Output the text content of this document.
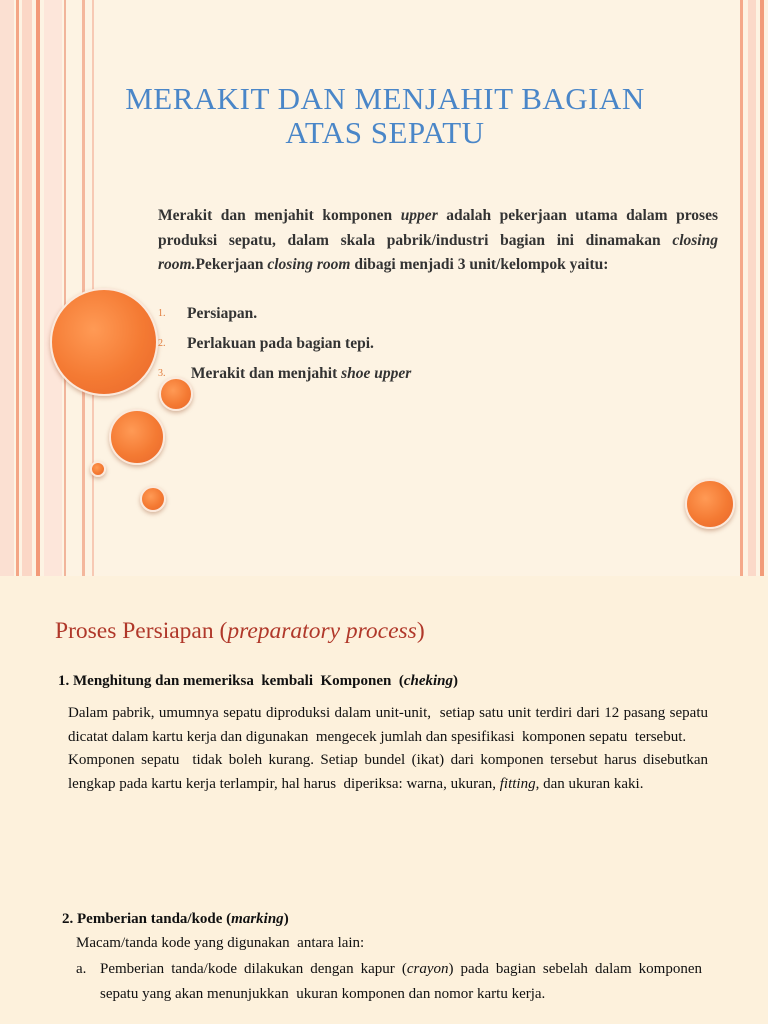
MERAKIT DAN MENJAHIT BAGIAN
ATAS SEPATU
Merakit dan menjahit komponen upper adalah pekerjaan utama dalam proses produksi sepatu, dalam skala pabrik/industri bagian ini dinamakan closing room.Pekerjaan closing room dibagi menjadi 3 unit/kelompok yaitu:
1. Persiapan.
2. Perlakuan pada bagian tepi.
3. Merakit dan menjahit shoe upper
Proses Persiapan (preparatory process)
1. Menghitung dan memeriksa  kembali  Komponen  (cheking)
Dalam pabrik, umumnya sepatu diproduksi dalam unit-unit,  setiap satu unit terdiri dari 12 pasang sepatu dicatat dalam kartu kerja dan digunakan  mengecek jumlah dan spesifikasi  komponen sepatu  tersebut.
Komponen sepatu  tidak boleh kurang. Setiap bundel (ikat) dari komponen tersebut harus disebutkan lengkap pada kartu kerja terlampir, hal harus  diperiksa: warna, ukuran, fitting, dan ukuran kaki.
2. Pemberian tanda/kode (marking)
Macam/tanda kode yang digunakan  antara lain:
a. Pemberian tanda/kode dilakukan dengan kapur (crayon) pada bagian sebelah dalam komponen  sepatu yang akan menunjukkan  ukuran komponen dan nomor kartu kerja.
